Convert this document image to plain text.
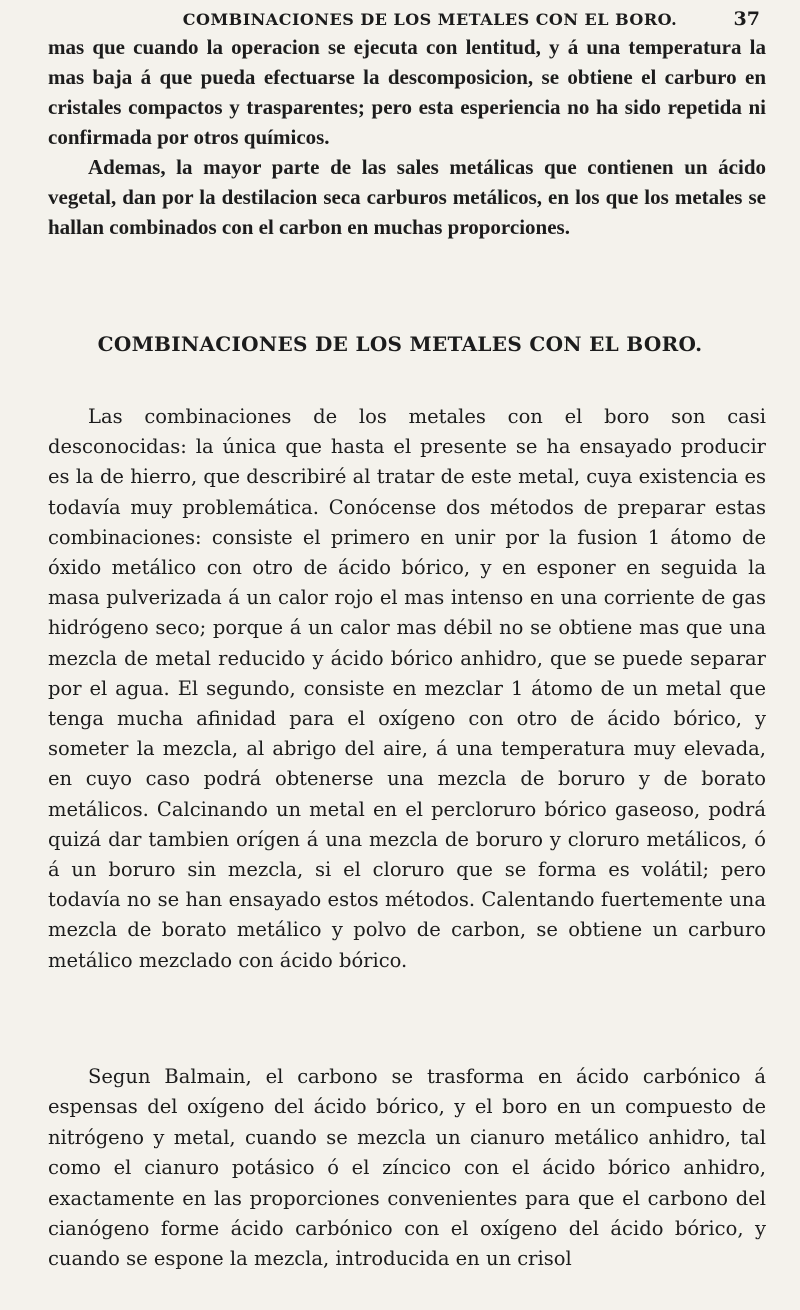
COMBINACIONES DE LOS METALES CON EL BORO.	37

mas que cuando la operacion se ejecuta con lentitud, y á una temperatura la mas baja á que pueda efectuarse la descomposicion, se obtiene el carburo en cristales compactos y trasparentes; pero esta esperiencia no ha sido repetida ni confirmada por otros químicos.

Ademas, la mayor parte de las sales metálicas que contienen un ácido vegetal, dan por la destilacion seca carburos metálicos, en los que los metales se hallan combinados con el carbon en muchas proporciones.

COMBINACIONES DE LOS METALES CON EL BORO.

Las combinaciones de los metales con el boro son casi desconocidas: la única que hasta el presente se ha ensayado producir es la de hierro, que describiré al tratar de este metal, cuya existencia es todavía muy problemática. Conócense dos métodos de preparar estas combinaciones: consiste el primero en unir por la fusion 1 átomo de óxido metálico con otro de ácido bórico, y en esponer en seguida la masa pulverizada á un calor rojo el mas intenso en una corriente de gas hidrógeno seco; porque á un calor mas débil no se obtiene mas que una mezcla de metal reducido y ácido bórico anhidro, que se puede separar por el agua. El segundo, consiste en mezclar 1 átomo de un metal que tenga mucha afinidad para el oxígeno con otro de ácido bórico, y someter la mezcla, al abrigo del aire, á una temperatura muy elevada, en cuyo caso podrá obtenerse una mezcla de boruro y de borato metálicos. Calcinando un metal en el percloruro bórico gaseoso, podrá quizá dar tambien orígen á una mezcla de boruro y cloruro metálicos, ó á un boruro sin mezcla, si el cloruro que se forma es volátil; pero todavía no se han ensayado estos métodos. Calentando fuertemente una mezcla de borato metálico y polvo de carbon, se obtiene un carburo metálico mezclado con ácido bórico.

Segun Balmain, el carbono se trasforma en ácido carbónico á espensas del oxígeno del ácido bórico, y el boro en un compuesto de nitrógeno y metal, cuando se mezcla un cianuro metálico anhidro, tal como el cianuro potásico ó el zíncico con el ácido bórico anhidro, exactamente en las proporciones convenientes para que el carbono del cianógeno forme ácido carbónico con el oxígeno del ácido bórico, y cuando se espone la mezcla, introducida en un crisol
